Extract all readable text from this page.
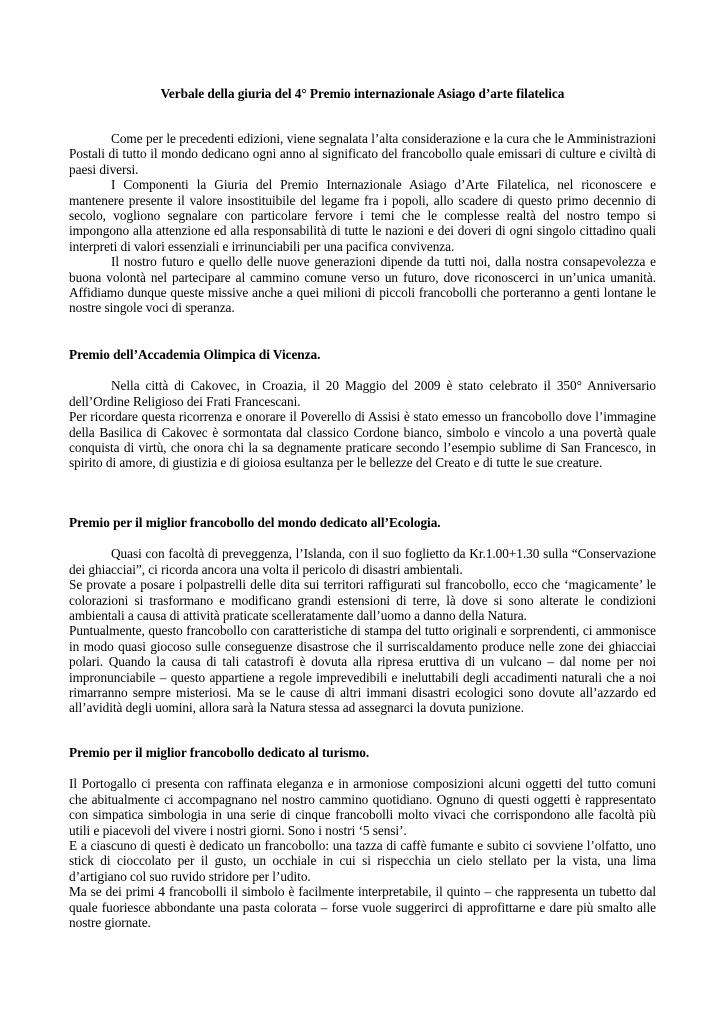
Verbale della giuria del 4° Premio internazionale Asiago d’arte filatelica

Come per le precedenti edizioni, viene segnalata l’alta considerazione e la cura che le Amministrazioni Postali di tutto il mondo dedicano ogni anno al significato del francobollo quale emissari di culture e civiltà di paesi diversi.

I Componenti la Giuria del Premio Internazionale Asiago d’Arte Filatelica, nel riconoscere e mantenere presente il valore insostituibile del legame fra i popoli, allo scadere di questo primo decennio di secolo, vogliono segnalare con particolare fervore i temi che le complesse realtà del nostro tempo si impongono alla attenzione ed alla responsabilità di tutte le nazioni e dei doveri di ogni singolo cittadino quali interpreti di valori essenziali e irrinunciabili per una pacifica convivenza.

Il nostro futuro e quello delle nuove generazioni dipende da tutti noi, dalla nostra consapevolezza e buona volontà nel partecipare al cammino comune verso un futuro, dove riconoscerci in un’unica umanità. Affidiamo dunque queste missive anche a quei milioni di piccoli francobolli che porteranno a genti lontane le nostre singole voci di speranza.

Premio dell’Accademia Olimpica di Vicenza.

Nella città di Cakovec, in Croazia, il 20 Maggio del 2009 è stato celebrato il 350° Anniversario dell’Ordine Religioso dei Frati Francescani.

Per ricordare questa ricorrenza e onorare il Poverello di Assisi è stato emesso un francobollo dove l’immagine della Basilica di Cakovec è sormontata dal classico Cordone bianco, simbolo e vincolo a una povertà quale conquista di virtù, che onora chi la sa degnamente praticare secondo l’esempio sublime di San Francesco, in spirito di amore, di giustizia e di gioiosa esultanza per le bellezze del Creato e di tutte le sue creature.

Premio per il miglior francobollo del mondo dedicato all’Ecologia.

Quasi con facoltà di preveggenza, l’Islanda, con il suo foglietto da Kr.1.00+1.30 sulla “Conservazione dei ghiacciai”, ci ricorda ancora una volta il pericolo di disastri ambientali.

Se provate a posare i polpastrelli delle dita sui territori raffigurati sul francobollo, ecco che ‘magicamente’ le colorazioni si trasformano e modificano grandi estensioni di terre, là dove si sono alterate le condizioni ambientali a causa di attività praticate scelleratamente dall’uomo a danno della Natura.

Puntualmente, questo francobollo con caratteristiche di stampa del tutto originali e sorprendenti, ci ammonisce in modo quasi giocoso sulle conseguenze disastrose che il surriscaldamento produce nelle zone dei ghiacciai polari. Quando la causa di tali catastrofi è dovuta alla ripresa eruttiva di un vulcano – dal nome per noi impronunciabile – questo appartiene a regole imprevedibili e ineluttabili degli accadimenti naturali che a noi rimarranno sempre misteriosi. Ma se le cause di altri immani disastri ecologici sono dovute all’azzardo ed all’avidità degli uomini, allora sarà la Natura stessa ad assegnarci la dovuta punizione.

Premio per il miglior francobollo dedicato al turismo.

Il Portogallo ci presenta con raffinata eleganza e in armoniose composizioni alcuni oggetti del tutto comuni che abitualmente ci accompagnano nel nostro cammino quotidiano. Ognuno di questi oggetti è rappresentato con simpatica simbologia in una serie di cinque francobolli molto vivaci che corrispondono alle facoltà più utili e piacevoli del vivere i nostri giorni. Sono i nostri ‘5 sensi’.

E a ciascuno di questi è dedicato un francobollo: una tazza di caffè fumante e subito ci sovviene l’olfatto, uno stick di cioccolato per il gusto, un occhiale in cui si rispecchia un cielo stellato per la vista, una lima d’artigiano col suo ruvido stridore per l’udito.

Ma se dei primi 4 francobolli il simbolo è facilmente interpretabile, il quinto – che rappresenta un tubetto dal quale fuoriesce abbondante una pasta colorata – forse vuole suggerirci di approfittarne e dare più smalto alle nostre giornate.
